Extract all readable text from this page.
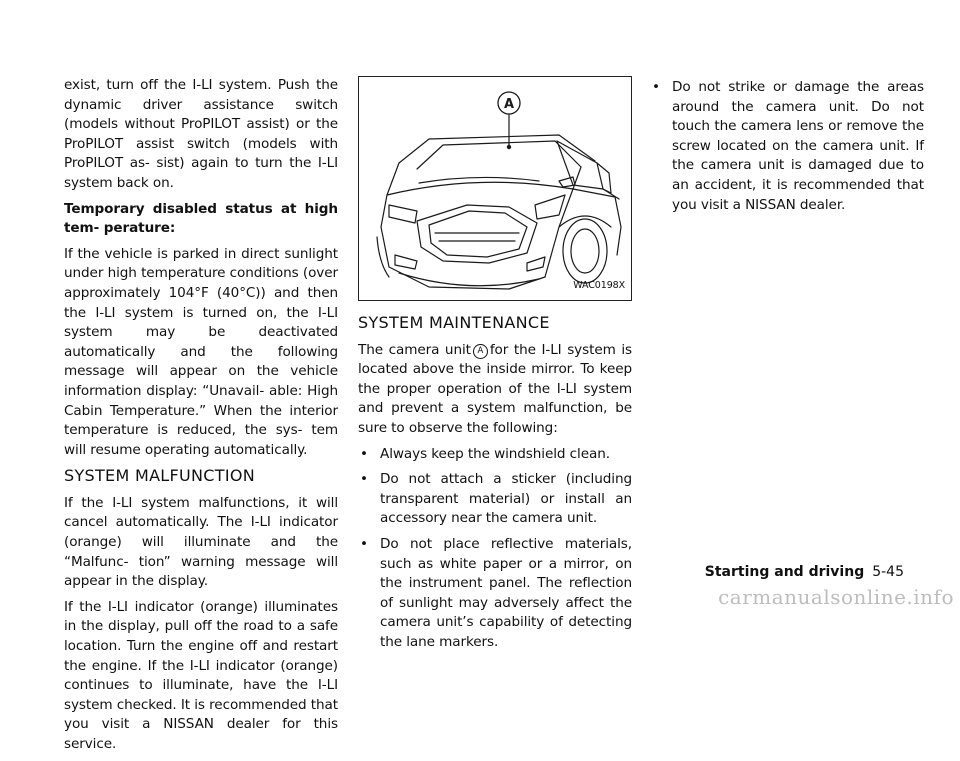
exist, turn off the I-LI system. Push the dynamic driver assistance switch (models without ProPILOT assist) or the ProPILOT assist switch (models with ProPILOT as- sist) again to turn the I-LI system back on.

Temporary disabled status at high tem- perature:

If the vehicle is parked in direct sunlight under high temperature conditions (over approximately 104°F (40°C)) and then the I-LI system is turned on, the I-LI system may be deactivated automatically and the following message will appear on the vehicle information display: “Unavail- able: High Cabin Temperature.” When the interior temperature is reduced, the sys- tem will resume operating automatically.

SYSTEM MALFUNCTION

If the I-LI system malfunctions, it will cancel automatically. The I-LI indicator (orange) will illuminate and the “Malfunc- tion” warning message will appear in the display.

If the I-LI indicator (orange) illuminates in the display, pull off the road to a safe location. Turn the engine off and restart the engine. If the I-LI indicator (orange) continues to illuminate, have the I-LI system checked. It is recommended that you visit a NISSAN dealer for this service.

A
WAC0198X
SYSTEM MAINTENANCE

The camera unit A for the I-LI system is located above the inside mirror. To keep the proper operation of the I-LI system and prevent a system malfunction, be sure to observe the following:

• Always keep the windshield clean.
• Do not attach a sticker (including transparent material) or install an accessory near the camera unit.
• Do not place reflective materials, such as white paper or a mirror, on the instrument panel. The reflection of sunlight may adversely affect the camera unit’s capability of detecting the lane markers.
• Do not strike or damage the areas around the camera unit. Do not touch the camera lens or remove the screw located on the camera unit. If the camera unit is damaged due to an accident, it is recommended that you visit a NISSAN dealer.
Starting and driving 5-45
carmanualsonline.info
